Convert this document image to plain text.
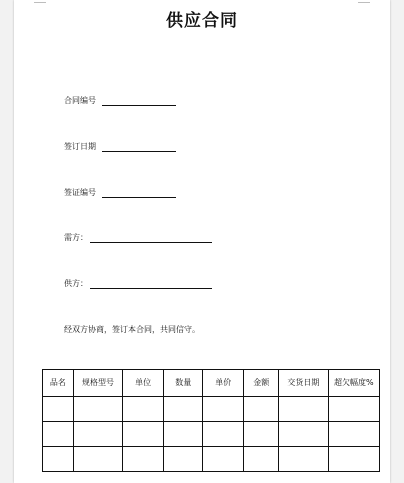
供应合同
合同编号
签订日期
签证编号
需方：
供方：
经双方协商，签订本合同，共同信守。
品名	规格型号	单位	数量	单价	金额	交货日期	超欠幅度%
